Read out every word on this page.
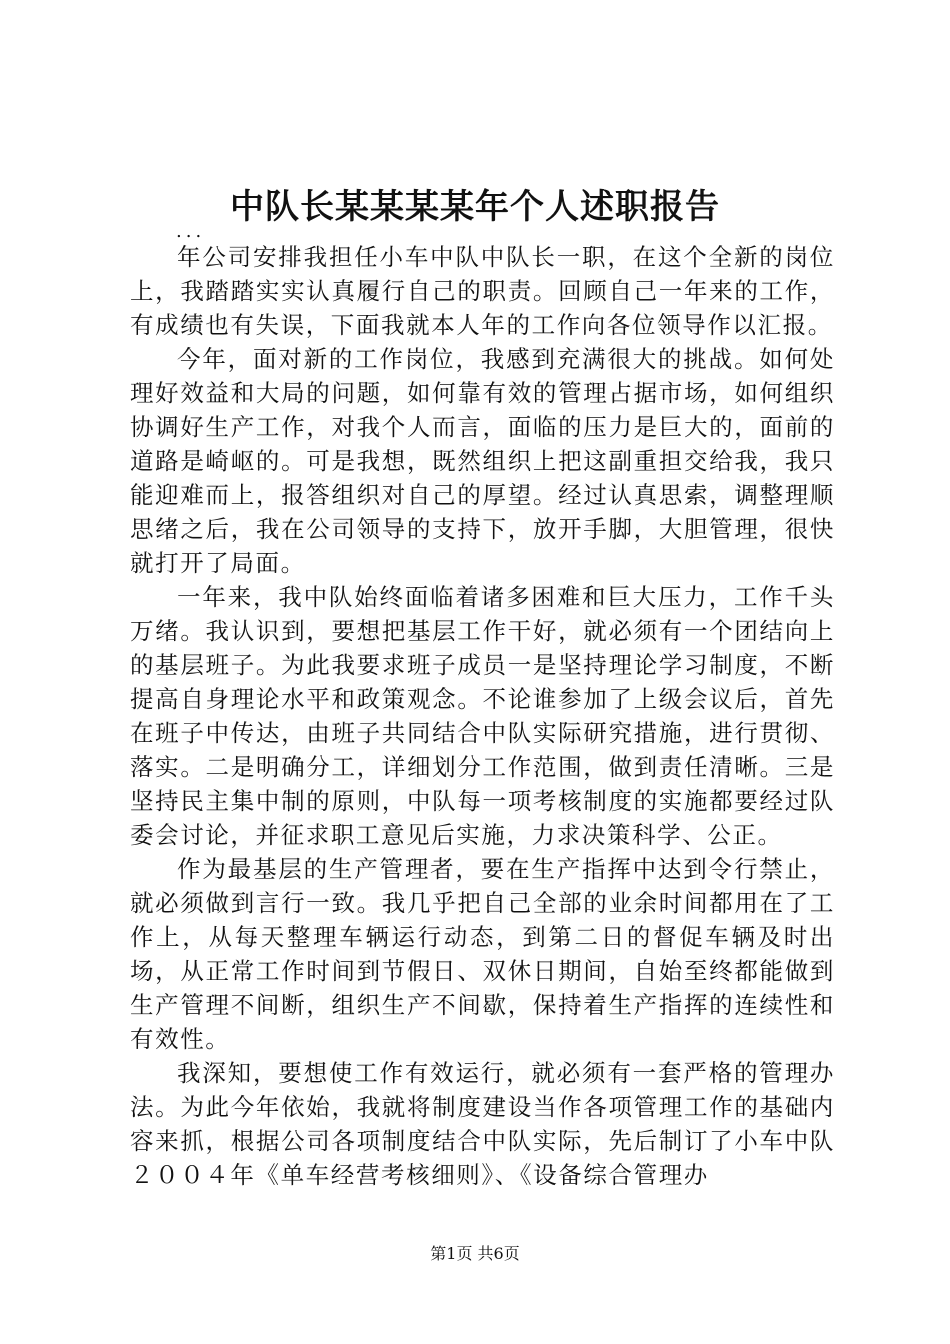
中队长某某某某年个人述职报告
...

年公司安排我担任小车中队中队长一职，在这个全新的岗位上，我踏踏实实认真履行自己的职责。回顾自己一年来的工作，有成绩也有失误，下面我就本人年的工作向各位领导作以汇报。

今年，面对新的工作岗位，我感到充满很大的挑战。如何处理好效益和大局的问题，如何靠有效的管理占据市场，如何组织协调好生产工作，对我个人而言，面临的压力是巨大的，面前的道路是崎岖的。可是我想，既然组织上把这副重担交给我，我只能迎难而上，报答组织对自己的厚望。经过认真思索，调整理顺思绪之后，我在公司领导的支持下，放开手脚，大胆管理，很快就打开了局面。

一年来，我中队始终面临着诸多困难和巨大压力，工作千头万绪。我认识到，要想把基层工作干好，就必须有一个团结向上的基层班子。为此我要求班子成员一是坚持理论学习制度，不断提高自身理论水平和政策观念。不论谁参加了上级会议后，首先在班子中传达，由班子共同结合中队实际研究措施，进行贯彻、落实。二是明确分工，详细划分工作范围，做到责任清晰。三是坚持民主集中制的原则，中队每一项考核制度的实施都要经过队委会讨论，并征求职工意见后实施，力求决策科学、公正。

作为最基层的生产管理者，要在生产指挥中达到令行禁止，就必须做到言行一致。我几乎把自己全部的业余时间都用在了工作上，从每天整理车辆运行动态，到第二日的督促车辆及时出场，从正常工作时间到节假日、双休日期间，自始至终都能做到生产管理不间断，组织生产不间歇，保持着生产指挥的连续性和有效性。

我深知，要想使工作有效运行，就必须有一套严格的管理办法。为此今年依始，我就将制度建设当作各项管理工作的基础内容来抓，根据公司各项制度结合中队实际，先后制订了小车中队２００４年《单车经营考核细则》、《设备综合管理办

第1页 共6页
